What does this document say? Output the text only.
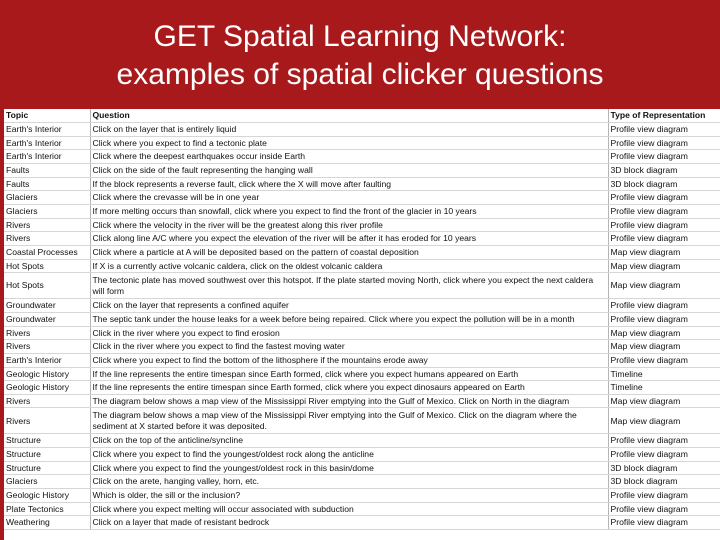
GET Spatial Learning Network:
examples of spatial clicker questions
Topic	Question	Type of Representation
Earth's Interior	Click on the layer that is entirely liquid	Profile view diagram
Earth's Interior	Click where you expect to find a tectonic plate	Profile view diagram
Earth's Interior	Click where the deepest earthquakes occur inside Earth	Profile view diagram
Faults	Click on the side of the fault representing the hanging wall	3D block diagram
Faults	If the block represents a reverse fault, click where the X will move after faulting	3D block diagram
Glaciers	Click where the crevasse will be in one year	Profile view diagram
Glaciers	If more melting occurs than snowfall, click where you expect to find the front of the glacier in 10 years	Profile view diagram
Rivers	Click where the velocity in the river will be the greatest along this river profile	Profile view diagram
Rivers	Click along line A/C where you expect the elevation of the river will be after it has eroded for 10 years	Profile view diagram
Coastal Processes	Click where a particle at A will be deposited based on the pattern of coastal deposition	Map view diagram
Hot Spots	If X is a currently active volcanic caldera, click on the oldest volcanic caldera	Map view diagram
Hot Spots	The tectonic plate has moved southwest over this hotspot. If the plate started moving North, click where you expect the next caldera will form	Map view diagram
Groundwater	Click on the layer that represents a confined aquifer	Profile view diagram
Groundwater	The septic tank under the house leaks for a week before being repaired. Click where you expect the pollution will be in a month	Profile view diagram
Rivers	Click in the river where you expect to find erosion	Map view diagram
Rivers	Click in the river where you expect to find the fastest moving water	Map view diagram
Earth's Interior	Click where you expect to find the bottom of the lithosphere if the mountains erode away	Profile view diagram
Geologic History	If the line represents the entire timespan since Earth formed, click where you expect humans appeared on Earth	Timeline
Geologic History	If the line represents the entire timespan since Earth formed, click where you expect dinosaurs appeared on Earth	Timeline
Rivers	The diagram below shows a map view of the Mississippi River emptying into the Gulf of Mexico. Click on North in the diagram	Map view diagram
Rivers	The diagram below shows a map view of the Mississippi River emptying into the Gulf of Mexico. Click on the diagram where the sediment at X started before it was deposited.	Map view diagram
Structure	Click on the top of the anticline/syncline	Profile view diagram
Structure	Click where you expect to find the youngest/oldest rock along the anticline	Profile view diagram
Structure	Click where you expect to find the youngest/oldest rock in this basin/dome	3D block diagram
Glaciers	Click on the arete, hanging valley, horn, etc.	3D block diagram
Geologic History	Which is older, the sill or the inclusion?	Profile view diagram
Plate Tectonics	Click where you expect melting will occur associated with subduction	Profile view diagram
Weathering	Click on a layer that made of resistant bedrock	Profile view diagram
